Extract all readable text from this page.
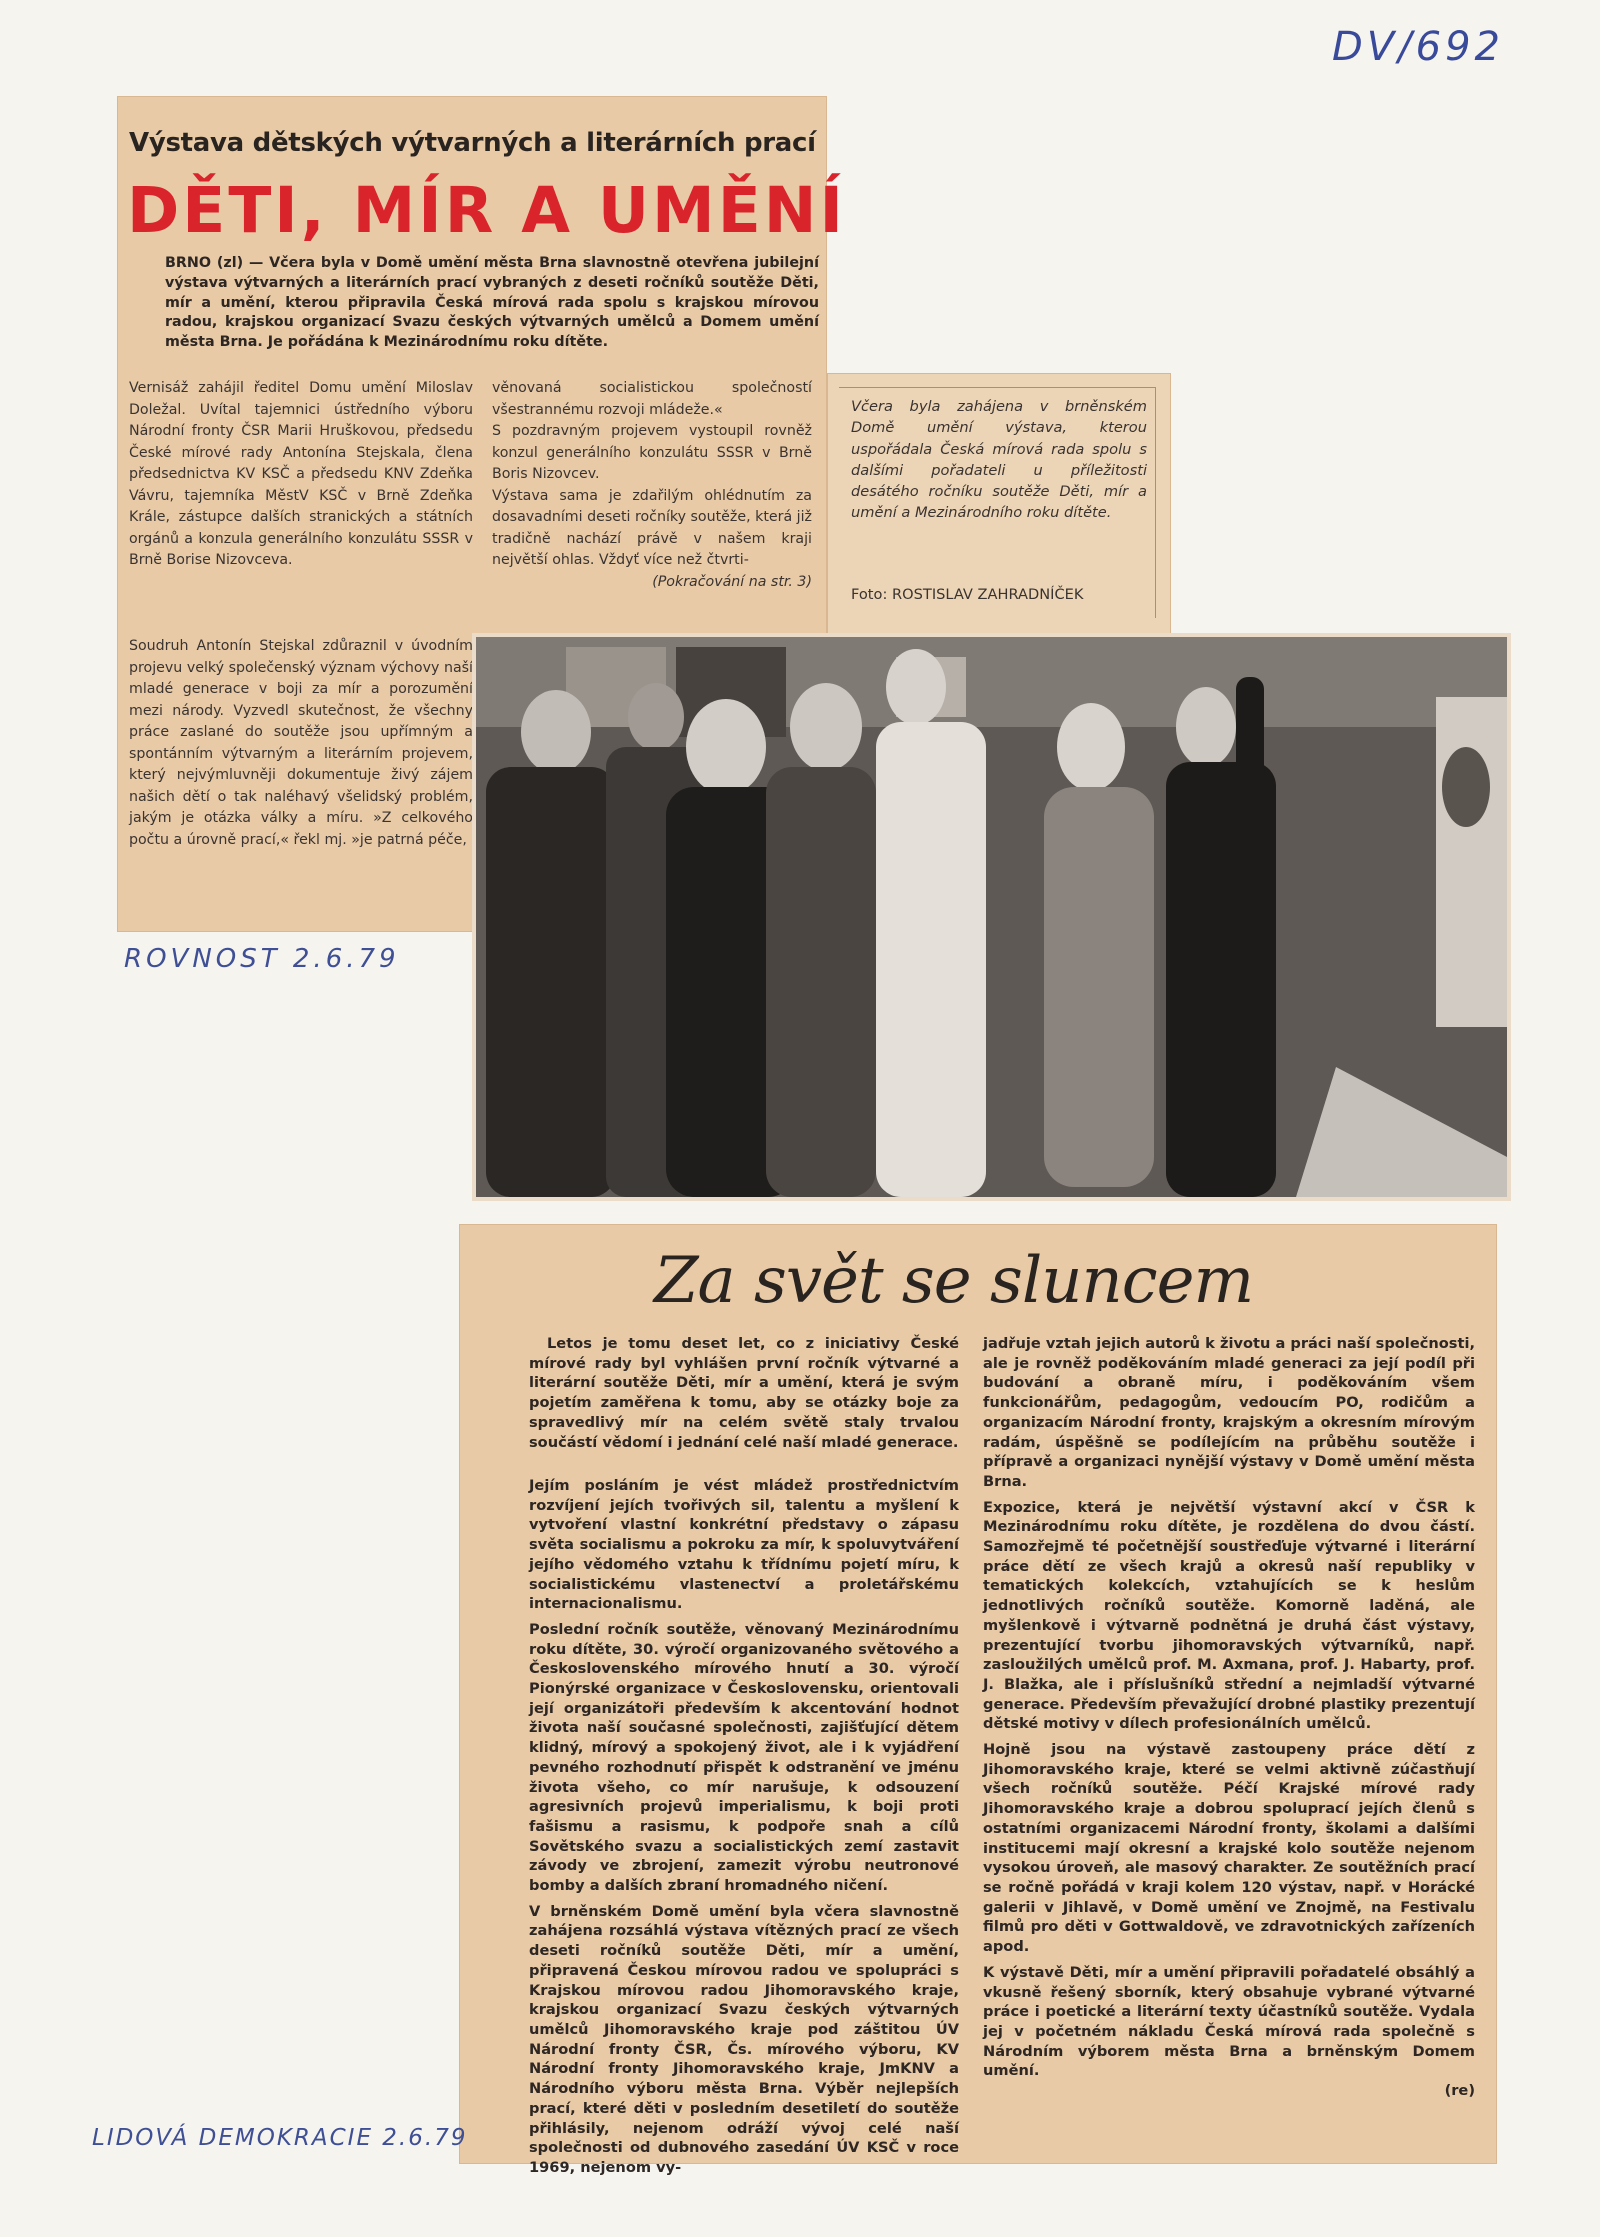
DV/692
Výstava dětských výtvarných a literárních prací
DĚTI, MÍR A UMĚNÍ

BRNO (zl) — Včera byla v Domě umění města Brna slavnostně otevřena jubilejní výstava výtvarných a literárních prací vybraných z deseti ročníků soutěže Děti, mír a umění, kterou připravila Česká mírová rada spolu s krajskou mírovou radou, krajskou organizací Svazu českých výtvarných umělců a Domem umění města Brna. Je pořádána k Mezinárodnímu roku dítěte.

Vernisáž zahájil ředitel Domu umění Miloslav Doležal. Uvítal tajemnici ústředního výboru Národní fronty ČSR Marii Hruškovou, předsedu České mírové rady Antonína Stejskala, člena předsednictva KV KSČ a předsedu KNV Zdeňka Vávru, tajemníka MěstV KSČ v Brně Zdeňka Krále, zástupce dalších stranických a státních orgánů a konzula generálního konzulátu SSSR v Brně Borise Nizovceva.

Soudruh Antonín Stejskal zdůraznil v úvodním projevu velký společenský význam výchovy naší mladé generace v boji za mír a porozumění mezi národy. Vyzvedl skutečnost, že všechny práce zaslané do soutěže jsou upřímným a spontánním výtvarným a literárním projevem, který nejvýmluvněji dokumentuje živý zájem našich dětí o tak naléhavý všelidský problém, jakým je otázka války a míru. »Z celkového počtu a úrovně prací,« řekl mj. »je patrná péče,

věnovaná socialistickou společností všestrannému rozvoji mládeže.«

S pozdravným projevem vystoupil rovněž konzul generálního konzulátu SSSR v Brně Boris Nizovcev.

Výstava sama je zdařilým ohlédnutím za dosavadními deseti ročníky soutěže, která již tradičně nachází právě v našem kraji největší ohlas. Vždyť více než čtvrti-

(Pokračování na str. 3)

Včera byla zahájena v brněnském Domě umění výstava, kterou uspořádala Česká mírová rada spolu s dalšími pořadateli u příležitosti desátého ročníku soutěže Děti, mír a umění a Mezinárodního roku dítěte.

Foto: ROSTISLAV ZAHRADNÍČEK
ROVNOST 2.6.79
Za svět se sluncem

Letos je tomu deset let, co z iniciativy České mírové rady byl vyhlášen první ročník výtvarné a literární soutěže Děti, mír a umění, která je svým pojetím zaměřena k tomu, aby se otázky boje za spravedlivý mír na celém světě staly trvalou součástí vědomí i jednání celé naší mladé generace.

Jejím posláním je vést mládež prostřednictvím rozvíjení jejích tvořivých sil, talentu a myšlení k vytvoření vlastní konkrétní představy o zápasu světa socialismu a pokroku za mír, k spoluvytváření jejího vědomého vztahu k třídnímu pojetí míru, k socialistickému vlastenectví a proletářskému internacionalismu.

Poslední ročník soutěže, věnovaný Mezinárodnímu roku dítěte, 30. výročí organizovaného světového a Československého mírového hnutí a 30. výročí Pionýrské organizace v Československu, orientovali její organizátoři především k akcentování hodnot života naší současné společnosti, zajišťující dětem klidný, mírový a spokojený život, ale i k vyjádření pevného rozhodnutí přispět k odstranění ve jménu života všeho, co mír narušuje, k odsouzení agresivních projevů imperialismu, k boji proti fašismu a rasismu, k podpoře snah a cílů Sovětského svazu a socialistických zemí zastavit závody ve zbrojení, zamezit výrobu neutronové bomby a dalších zbraní hromadného ničení.

V brněnském Domě umění byla včera slavnostně zahájena rozsáhlá výstava vítězných prací ze všech deseti ročníků soutěže Děti, mír a umění, připravená Českou mírovou radou ve spolupráci s Krajskou mírovou radou Jihomoravského kraje, krajskou organizací Svazu českých výtvarných umělců Jihomoravského kraje pod záštitou ÚV Národní fronty ČSR, Čs. mírového výboru, KV Národní fronty Jihomoravského kraje, JmKNV a Národního výboru města Brna. Výběr nejlepších prací, které děti v posledním desetiletí do soutěže přihlásily, nejenom odráží vývoj celé naší společnosti od dubnového zasedání ÚV KSČ v roce 1969, nejenom vy-

jadřuje vztah jejich autorů k životu a práci naší společnosti, ale je rovněž poděkováním mladé generaci za její podíl při budování a obraně míru, i poděkováním všem funkcionářům, pedagogům, vedoucím PO, rodičům a organizacím Národní fronty, krajským a okresním mírovým radám, úspěšně se podílejícím na průběhu soutěže i přípravě a organizaci nynější výstavy v Domě umění města Brna.

Expozice, která je největší výstavní akcí v ČSR k Mezinárodnímu roku dítěte, je rozdělena do dvou částí. Samozřejmě té početnější soustřeďuje výtvarné i literární práce dětí ze všech krajů a okresů naší republiky v tematických kolekcích, vztahujících se k heslům jednotlivých ročníků soutěže. Komorně laděná, ale myšlenkově i výtvarně podnětná je druhá část výstavy, prezentující tvorbu jihomoravských výtvarníků, např. zasloužilých umělců prof. M. Axmana, prof. J. Habarty, prof. J. Blažka, ale i příslušníků střední a nejmladší výtvarné generace. Především převažující drobné plastiky prezentují dětské motivy v dílech profesionálních umělců.

Hojně jsou na výstavě zastoupeny práce dětí z Jihomoravského kraje, které se velmi aktivně zúčastňují všech ročníků soutěže. Péčí Krajské mírové rady Jihomoravského kraje a dobrou spoluprací jejích členů s ostatními organizacemi Národní fronty, školami a dalšími institucemi mají okresní a krajské kolo soutěže nejenom vysokou úroveň, ale masový charakter. Ze soutěžních prací se ročně pořádá v kraji kolem 120 výstav, např. v Horácké galerii v Jihlavě, v Domě umění ve Znojmě, na Festivalu filmů pro děti v Gottwaldově, ve zdravotnických zařízeních apod.

K výstavě Děti, mír a umění připravili pořadatelé obsáhlý a vkusně řešený sborník, který obsahuje vybrané výtvarné práce i poetické a literární texty účastníků soutěže. Vydala jej v početném nákladu Česká mírová rada společně s Národním výborem města Brna a brněnským Domem umění.

(re)
LIDOVÁ DEMOKRACIE 2.6.79
